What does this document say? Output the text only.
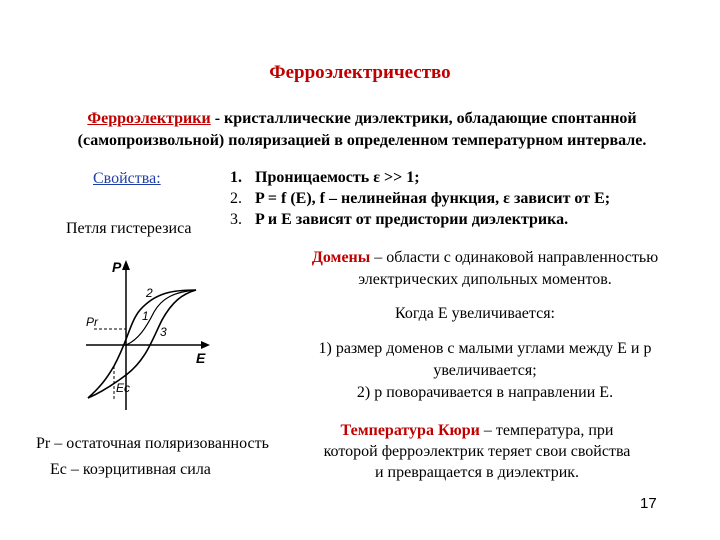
Ферроэлектричество
Ферроэлектрики - кристаллические диэлектрики, обладающие спонтанной (самопроизвольной) поляризацией в определенном температурном интервале.
Свойства:
Петля гистерезиса
1. Проницаемость ε >> 1;
2. P = f (E), f – нелинейная функция, ε зависит от E;
3. P и E зависят от предистории диэлектрика.
P
E
Pr
Ec
1
2
3
Домены – области с одинаковой направленностью электрических дипольных моментов.
Когда E увеличивается:
1) размер доменов с малыми углами между E и p увеличивается;
2) p поворачивается в направлении E.
Температура Кюри – температура, при которой ферроэлектрик теряет свои свойства и превращается в диэлектрик.
Pr – остаточная поляризованность
Ec – коэрцитивная сила
17
